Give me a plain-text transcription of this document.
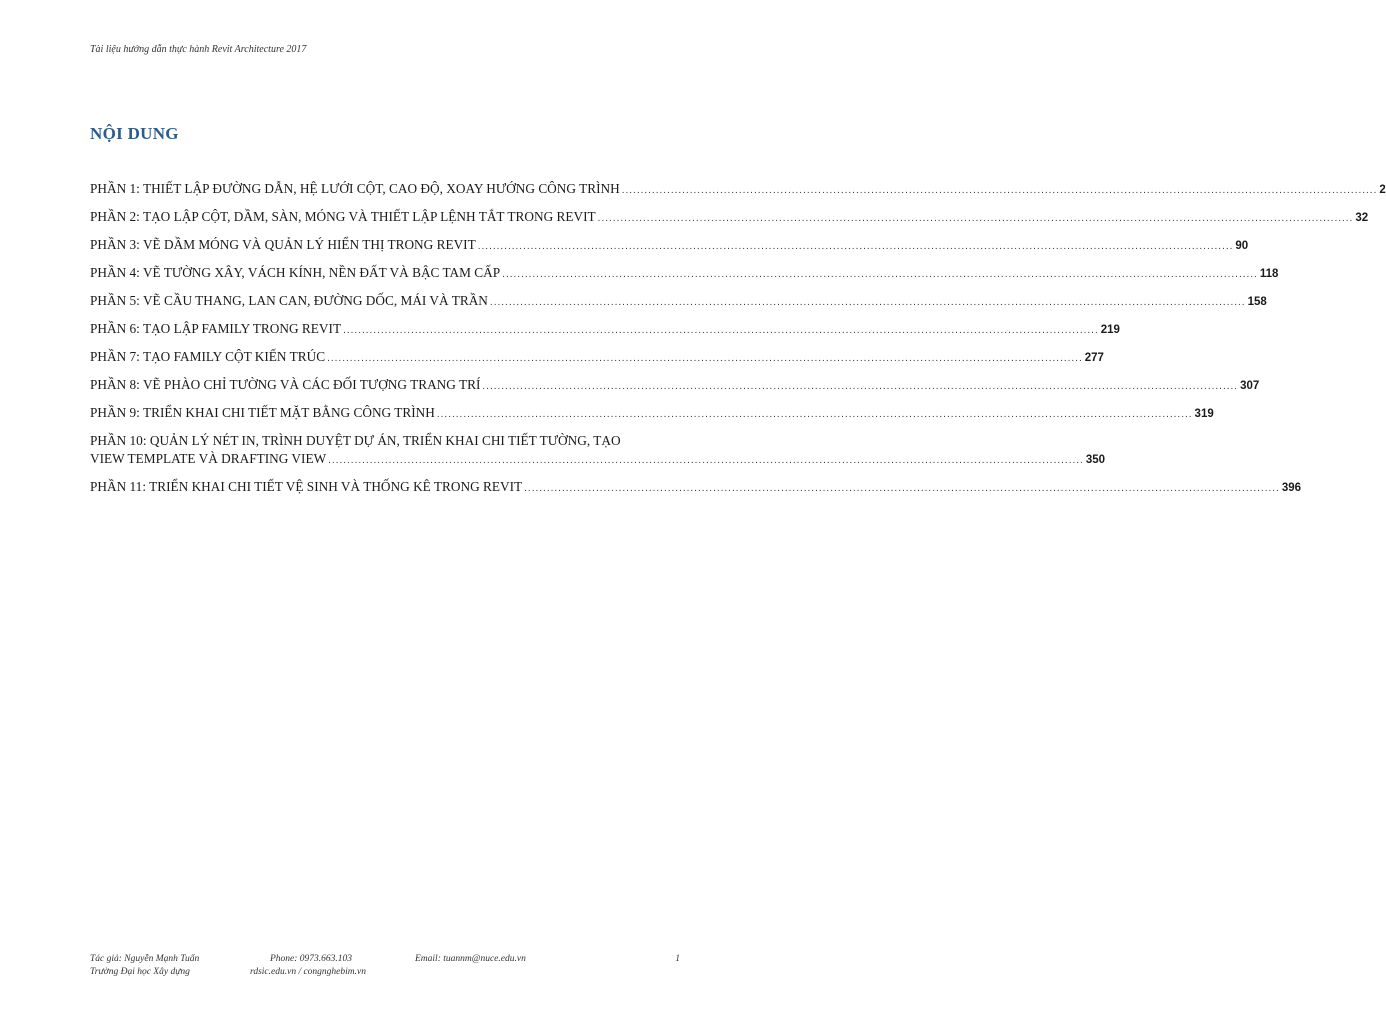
Tài liệu hướng dẫn thực hành Revit Architecture 2017
NỘI DUNG
PHẦN 1: THIẾT LẬP ĐƯỜNG DẪN, HỆ LƯỚI CỘT, CAO ĐỘ, XOAY HƯỚNG CÔNG TRÌNH .....	2
PHẦN 2: TẠO LẬP CỘT, DẦM, SÀN, MÓNG VÀ THIẾT LẬP LỆNH TẮT TRONG REVIT .....	32
PHẦN 3: VẼ DẦM MÓNG VÀ QUẢN LÝ HIỂN THỊ TRONG REVIT .....	90
PHẦN 4: VẼ TƯỜNG XÂY, VÁCH KÍNH, NỀN ĐẤT VÀ BẬC TAM CẤP .....	118
PHẦN 5: VẼ CẦU THANG, LAN CAN, ĐƯỜNG DỐC, MÁI VÀ TRẦN .....	158
PHẦN 6: TẠO LẬP FAMILY TRONG REVIT .....	219
PHẦN 7: TẠO FAMILY CỘT KIẾN TRÚC .....	277
PHẦN 8: VẼ PHÀO CHỈ TƯỜNG VÀ CÁC ĐỐI TƯỢNG TRANG TRÍ .....	307
PHẦN 9: TRIỂN KHAI CHI TIẾT MẶT BẰNG CÔNG TRÌNH .....	319
PHẦN 10: QUẢN LÝ NÉT IN, TRÌNH DUYỆT DỰ ÁN, TRIỂN KHAI CHI TIẾT TƯỜNG, TẠO
VIEW TEMPLATE VÀ DRAFTING VIEW .....	350
PHẦN 11: TRIỂN KHAI CHI TIẾT VỆ SINH VÀ THỐNG KÊ TRONG REVIT .....	396
Tác giả: Nguyễn Mạnh Tuấn
Trường Đại học Xây dựng
Phone: 0973.663.103
rdsic.edu.vn / congnghebim.vn
Email: tuannm@nuce.edu.vn	1
